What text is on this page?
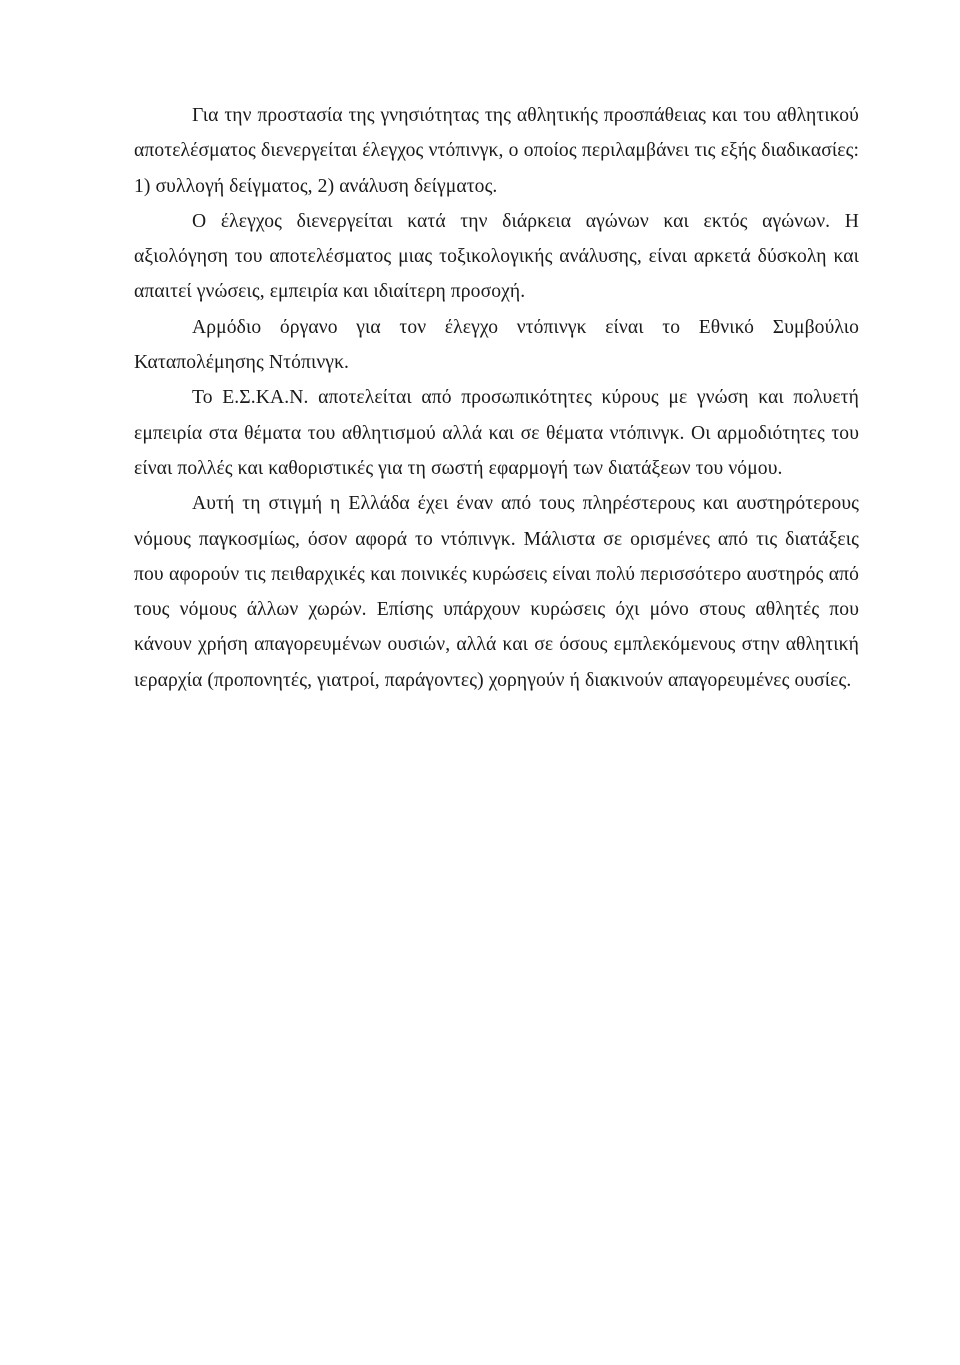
Για την προστασία της γνησιότητας της αθλητικής προσπάθειας και του αθλητικού αποτελέσματος διενεργείται έλεγχος ντόπινγκ, ο οποίος περιλαμβάνει τις εξής διαδικασίες: 1) συλλογή δείγματος, 2) ανάλυση δείγματος.

Ο έλεγχος διενεργείται κατά την διάρκεια αγώνων και εκτός αγώνων. Η αξιολόγηση του αποτελέσματος μιας τοξικολογικής ανάλυσης, είναι αρκετά δύσκολη και απαιτεί γνώσεις, εμπειρία και ιδιαίτερη προσοχή.

Αρμόδιο όργανο για τον έλεγχο ντόπινγκ είναι το Εθνικό Συμβούλιο Καταπολέμησης Ντόπινγκ.

Το Ε.Σ.ΚΑ.Ν. αποτελείται από προσωπικότητες κύρους με γνώση και πολυετή εμπειρία στα θέματα του αθλητισμού αλλά και σε θέματα ντόπινγκ. Οι αρμοδιότητες του είναι πολλές και καθοριστικές για τη σωστή εφαρμογή των διατάξεων του νόμου.

Αυτή τη στιγμή η Ελλάδα έχει έναν από τους πληρέστερους και αυστηρότερους νόμους παγκοσμίως, όσον αφορά το ντόπινγκ. Μάλιστα σε ορισμένες από τις διατάξεις που αφορούν τις πειθαρχικές και ποινικές κυρώσεις είναι πολύ περισσότερο αυστηρός από τους νόμους άλλων χωρών. Επίσης υπάρχουν κυρώσεις όχι μόνο στους αθλητές που κάνουν χρήση απαγορευμένων ουσιών, αλλά και σε όσους εμπλεκόμενους στην αθλητική ιεραρχία (προπονητές, γιατροί, παράγοντες) χορηγούν ή διακινούν απαγορευμένες ουσίες.
